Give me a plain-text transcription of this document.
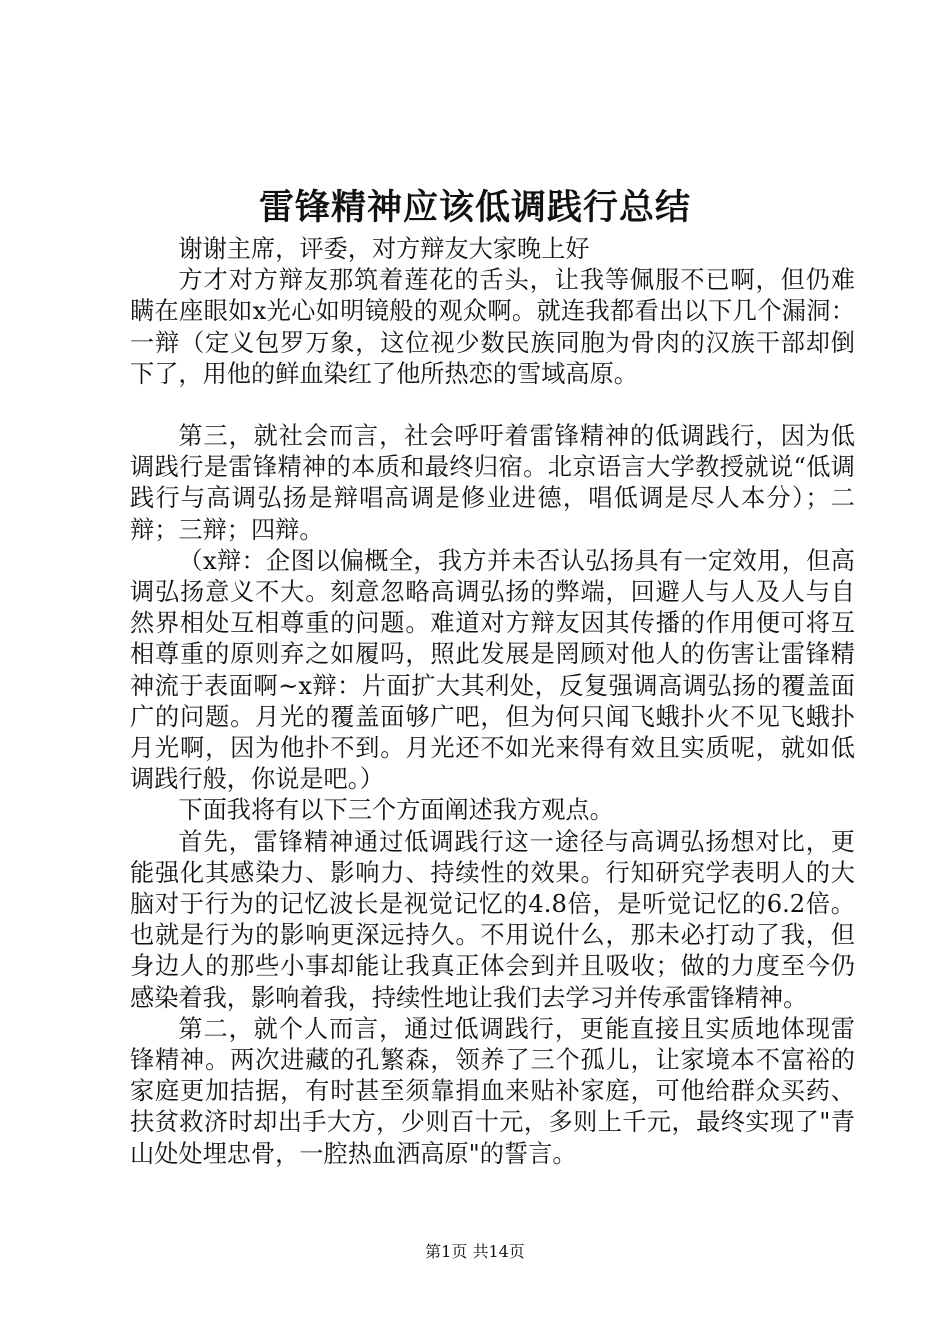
雷锋精神应该低调践行总结

谢谢主席，评委，对方辩友大家晚上好

方才对方辩友那筑着莲花的舌头，让我等佩服不已啊，但仍难瞒在座眼如x光心如明镜般的观众啊。就连我都看出以下几个漏洞：一辩（定义包罗万象，这位视少数民族同胞为骨肉的汉族干部却倒下了，用他的鲜血染红了他所热恋的雪域高原。

第三，就社会而言，社会呼吁着雷锋精神的低调践行，因为低调践行是雷锋精神的本质和最终归宿。北京语言大学教授就说“低调践行与高调弘扬是辩唱高调是修业进德，唱低调是尽人本分）；二辩；三辩；四辩。

（x辩：企图以偏概全，我方并未否认弘扬具有一定效用，但高调弘扬意义不大。刻意忽略高调弘扬的弊端，回避人与人及人与自然界相处互相尊重的问题。难道对方辩友因其传播的作用便可将互相尊重的原则弃之如履吗，照此发展是罔顾对他人的伤害让雷锋精神流于表面啊~x辩：片面扩大其利处，反复强调高调弘扬的覆盖面广的问题。月光的覆盖面够广吧，但为何只闻飞蛾扑火不见飞蛾扑月光啊，因为他扑不到。月光还不如光来得有效且实质呢，就如低调践行般，你说是吧。）

下面我将有以下三个方面阐述我方观点。

首先，雷锋精神通过低调践行这一途径与高调弘扬想对比，更能强化其感染力、影响力、持续性的效果。行知研究学表明人的大脑对于行为的记忆波长是视觉记忆的4.8倍，是听觉记忆的6.2倍。也就是行为的影响更深远持久。不用说什么，那未必打动了我，但身边人的那些小事却能让我真正体会到并且吸收；做的力度至今仍感染着我，影响着我，持续性地让我们去学习并传承雷锋精神。

第二，就个人而言，通过低调践行，更能直接且实质地体现雷锋精神。两次进藏的孔繁森，领养了三个孤儿，让家境本不富裕的家庭更加拮据，有时甚至须靠捐血来贴补家庭，可他给群众买药、扶贫救济时却出手大方，少则百十元，多则上千元，最终实现了"青山处处埋忠骨，一腔热血洒高原"的誓言。

第1页 共14页
